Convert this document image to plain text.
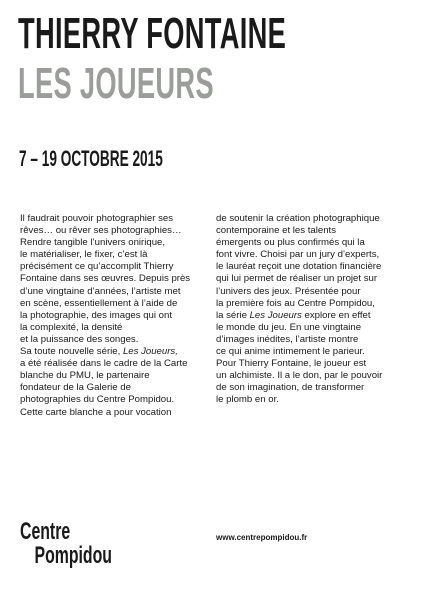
THIERRY FONTAINE
LES JOUEURS
7 – 19 OCTOBRE 2015
Il faudrait pouvoir photographier ses
rêves… ou rêver ses photographies…
Rendre tangible l’univers onirique,
le matérialiser, le fixer, c’est là
précisément ce qu’accomplit Thierry
Fontaine dans ses œuvres. Depuis près
d’une vingtaine d’années, l’artiste met
en scène, essentiellement à l’aide de
la photographie, des images qui ont
la complexité, la densité
et la puissance des songes.
Sa toute nouvelle série, Les Joueurs,
a été réalisée dans le cadre de la Carte
blanche du PMU, le partenaire
fondateur de la Galerie de
photographies du Centre Pompidou.
Cette carte blanche a pour vocation
de soutenir la création photographique
contemporaine et les talents
émergents ou plus confirmés qui la
font vivre. Choisi par un jury d’experts,
le lauréat reçoit une dotation financière
qui lui permet de réaliser un projet sur
l’univers des jeux. Présentée pour
la première fois au Centre Pompidou,
la série Les Joueurs explore en effet
le monde du jeu. En une vingtaine
d’images inédites, l’artiste montre
ce qui anime intimement le parieur.
Pour Thierry Fontaine, le joueur est
un alchimiste. Il a le don, par le pouvoir
de son imagination, de transformer
le plomb en or.
Centre
Pompidou
www.centrepompidou.fr
